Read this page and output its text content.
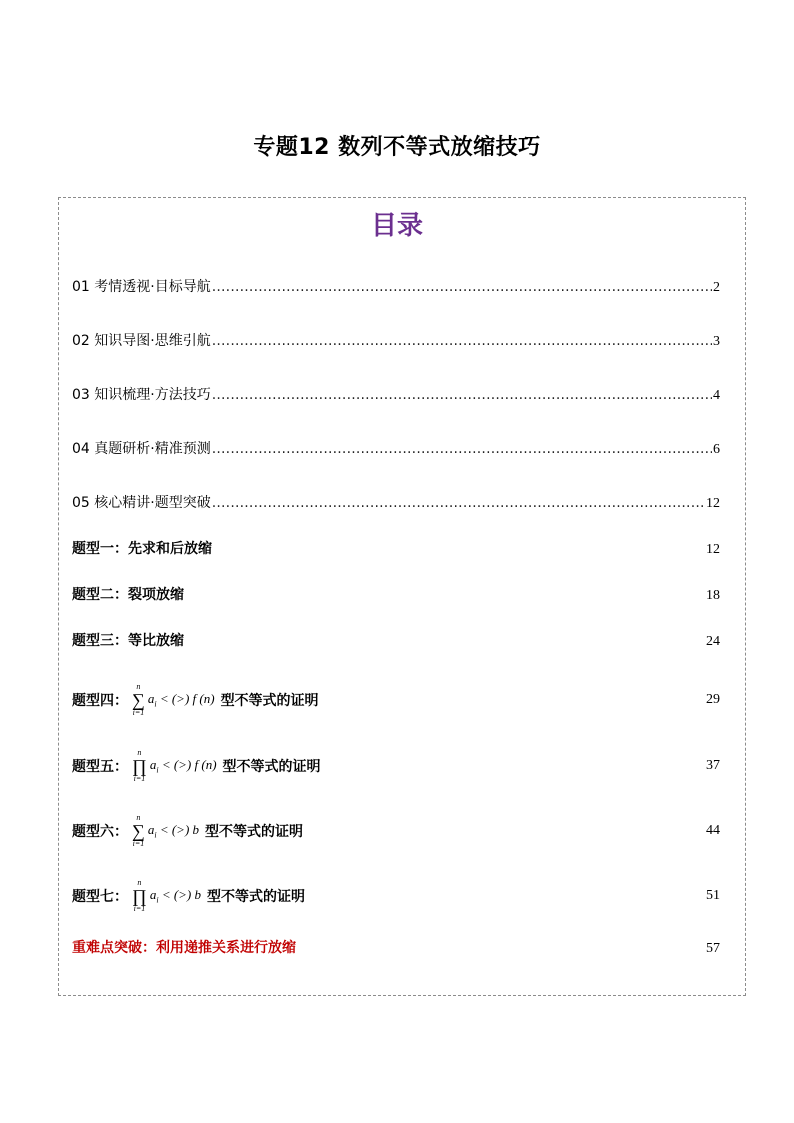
专题12 数列不等式放缩技巧
目录
01 考情透视·目标导航 .....	2
02 知识导图·思维引航 .....	3
03 知识梳理·方法技巧 .....	4
04 真题研析·精准预测 .....	6
05 核心精讲·题型突破 .....	12
题型一：先求和后放缩	12
题型二：裂项放缩	18
题型三：等比放缩	24
题型四：
n
∑
i=1
$a_i$ < (>) f (n) 型不等式的证明	29
题型五：
n
∏
i=1
$a_i$ < (>) f (n) 型不等式的证明	37
题型六：
n
∑
i=1
$a_i$ < (>) b 型不等式的证明	44
题型七：
n
∏
i=1
$a_i$ < (>) b 型不等式的证明	51
重难点突破：利用递推关系进行放缩	57
